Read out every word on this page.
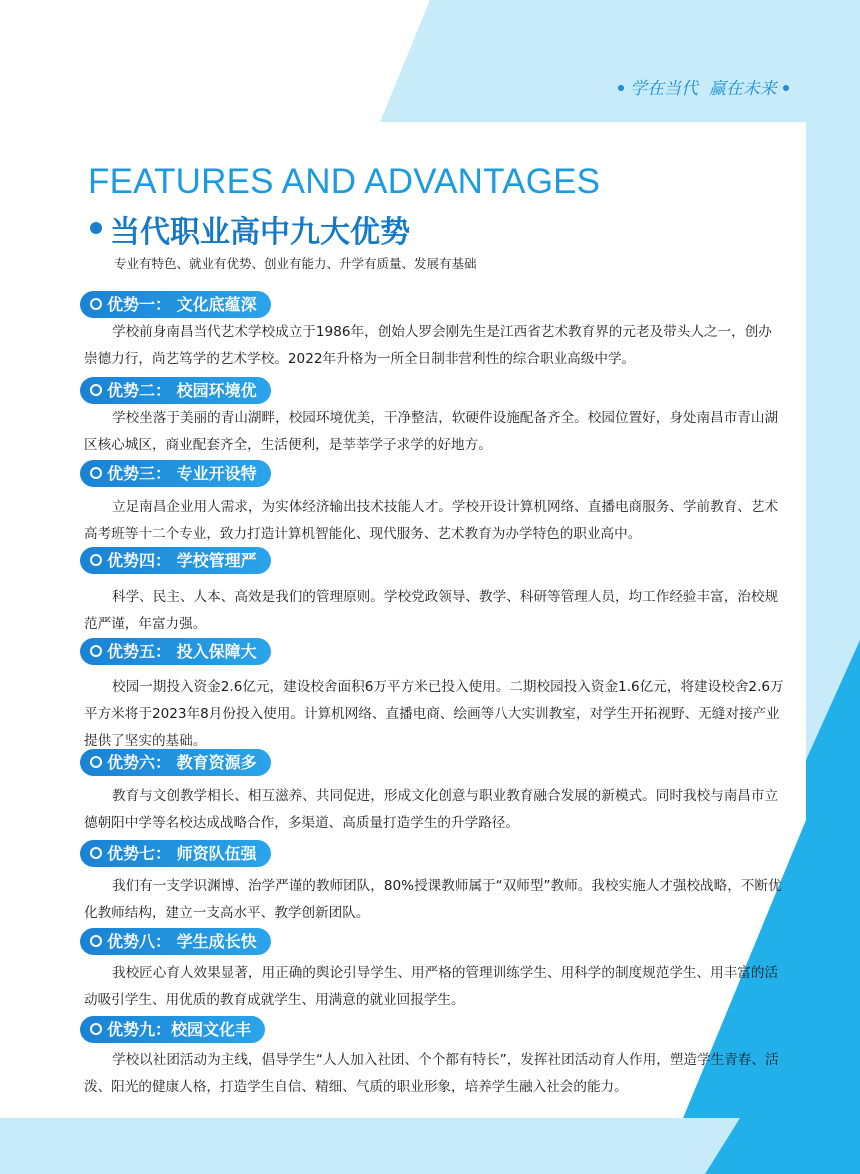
学在当代 赢在未来
FEATURES AND ADVANTAGES
当代职业高中九大优势
专业有特色、就业有优势、创业有能力、升学有质量、发展有基础
优势一： 文化底蕴深
学校前身南昌当代艺术学校成立于1986年，创始人罗会刚先生是江西省艺术教育界的元老及带头人之一，创办崇德力行，尚艺笃学的艺术学校。2022年升格为一所全日制非营利性的综合职业高级中学。
优势二： 校园环境优
学校坐落于美丽的青山湖畔，校园环境优美，干净整洁，软硬件设施配备齐全。校园位置好，身处南昌市青山湖区核心城区，商业配套齐全，生活便利，是莘莘学子求学的好地方。
优势三： 专业开设特
立足南昌企业用人需求，为实体经济输出技术技能人才。学校开设计算机网络、直播电商服务、学前教育、艺术高考班等十二个专业，致力打造计算机智能化、现代服务、艺术教育为办学特色的职业高中。
优势四： 学校管理严
科学、民主、人本、高效是我们的管理原则。学校党政领导、教学、科研等管理人员，均工作经验丰富，治校规范严谨，年富力强。
优势五： 投入保障大
校园一期投入资金2.6亿元，建设校舍面积6万平方米已投入使用。二期校园投入资金1.6亿元，将建设校舍2.6万平方米将于2023年8月份投入使用。计算机网络、直播电商、绘画等八大实训教室，对学生开拓视野、无缝对接产业提供了坚实的基础。
优势六： 教育资源多
教育与文创教学相长、相互滋养、共同促进，形成文化创意与职业教育融合发展的新模式。同时我校与南昌市立德朝阳中学等名校达成战略合作，多渠道、高质量打造学生的升学路径。
优势七： 师资队伍强
我们有一支学识渊博、治学严谨的教师团队，80%授课教师属于“双师型”教师。我校实施人才强校战略，不断优化教师结构，建立一支高水平、教学创新团队。
优势八： 学生成长快
我校匠心育人效果显著，用正确的舆论引导学生、用严格的管理训练学生、用科学的制度规范学生、用丰富的活动吸引学生、用优质的教育成就学生、用满意的就业回报学生。
优势九：校园文化丰
学校以社团活动为主线，倡导学生“人人加入社团、个个都有特长”，发挥社团活动育人作用，塑造学生青春、活泼、阳光的健康人格，打造学生自信、精细、气质的职业形象，培养学生融入社会的能力。
